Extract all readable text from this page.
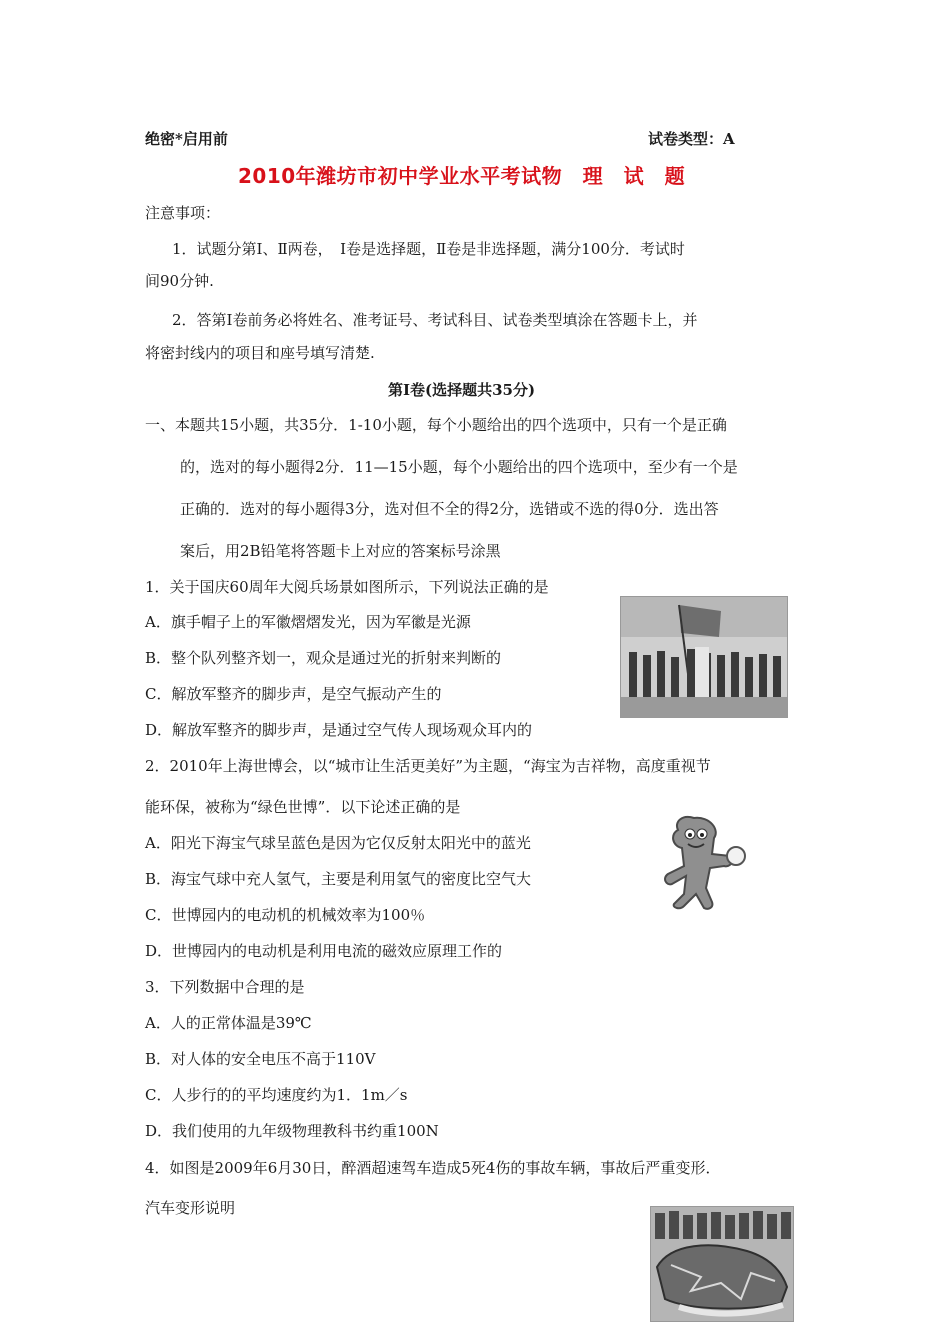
绝密*启用前	试卷类型：A
2010年潍坊市初中学业水平考试物　理　试　题
注意事项：
1．试题分第Ⅰ、Ⅱ两卷，　Ⅰ卷是选择题，Ⅱ卷是非选择题，满分100分．考试时
间90分钟.
2．答第Ⅰ卷前务必将姓名、准考证号、考试科目、试卷类型填涂在答题卡上，并
将密封线内的项目和座号填写清楚.
第Ⅰ卷(选择题共35分)
一、本题共15小题，共35分．1-10小题，每个小题给出的四个选项中，只有一个是正确
的，选对的每小题得2分．11—15小题，每个小题给出的四个选项中，至少有一个是
正确的．选对的每小题得3分，选对但不全的得2分，选错或不选的得0分．选出答
案后，用2B铅笔将答题卡上对应的答案标号涂黑
1．关于国庆60周年大阅兵场景如图所示，下列说法正确的是
A．旗手帽子上的军徽熠熠发光，因为军徽是光源
B．整个队列整齐划一，观众是通过光的折射来判断的
C．解放军整齐的脚步声，是空气振动产生的
D．解放军整齐的脚步声，是通过空气传人现场观众耳内的
2．2010年上海世博会，以“城市让生活更美好”为主题，“海宝为吉祥物，高度重视节
能环保，被称为“绿色世博”．以下论述正确的是
A．阳光下海宝气球呈蓝色是因为它仅反射太阳光中的蓝光
B．海宝气球中充人氢气，主要是利用氢气的密度比空气大
C．世博园内的电动机的机械效率为100％
D．世博园内的电动机是利用电流的磁效应原理工作的
3．下列数据中合理的是
A．人的正常体温是39℃
B．对人体的安全电压不高于110V
C．人步行的的平均速度约为1．1m／s
D．我们使用的九年级物理教科书约重100N
4．如图是2009年6月30日，醉酒超速驾车造成5死4伤的事故车辆，事故后严重变形．
汽车变形说明
